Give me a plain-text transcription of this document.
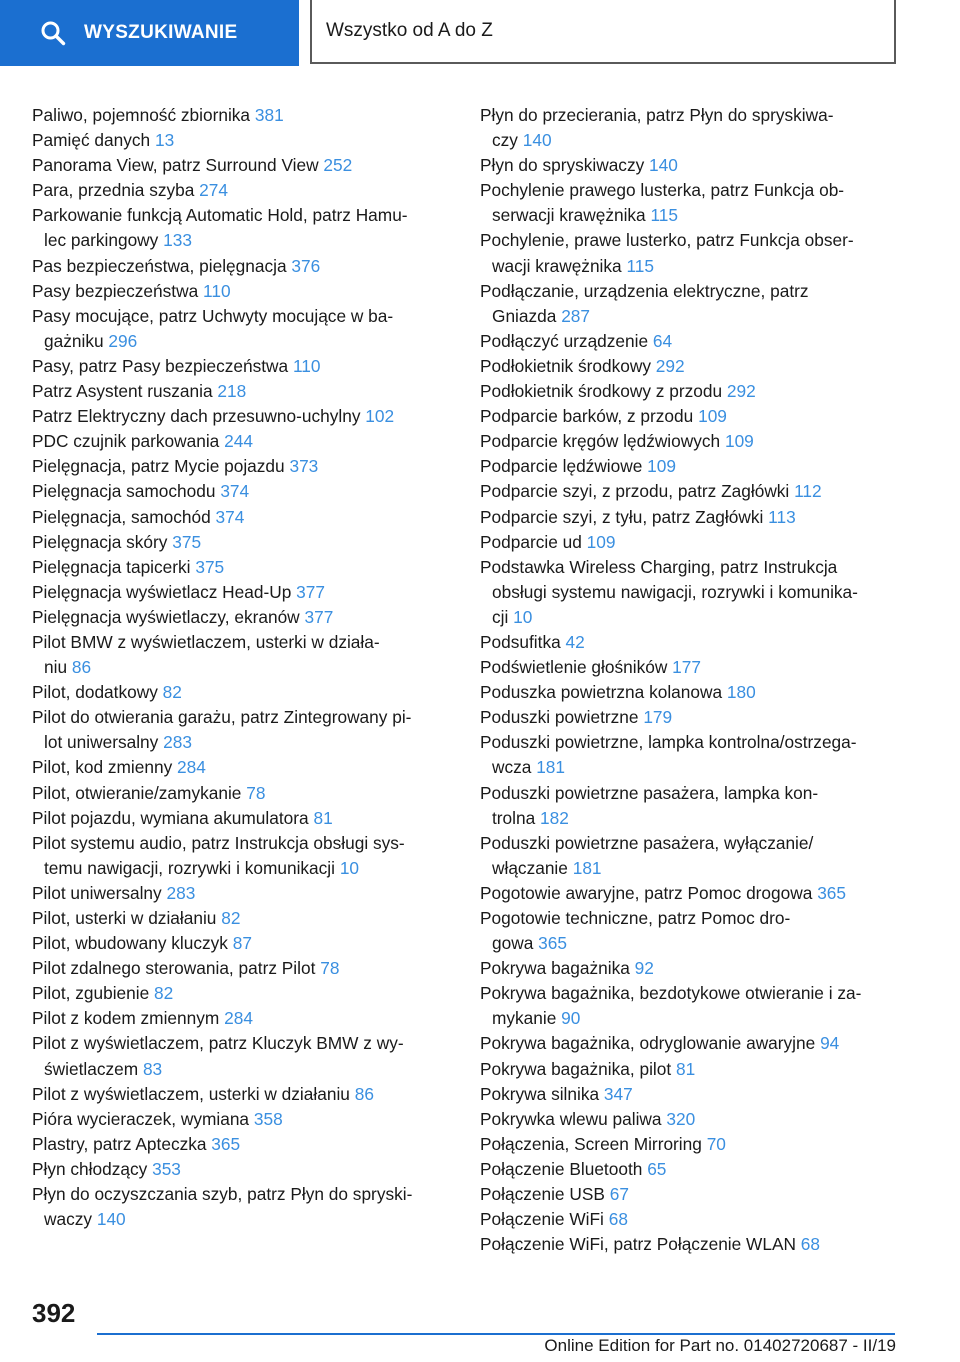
WYSZUKIWANIE	Wszystko od A do Z
Paliwo, pojemność zbiornika 381
Pamięć danych 13
Panorama View, patrz Surround View 252
Para, przednia szyba 274
Parkowanie funkcją Automatic Hold, patrz Hamu-
lec parkingowy 133
Pas bezpieczeństwa, pielęgnacja 376
Pasy bezpieczeństwa 110
Pasy mocujące, patrz Uchwyty mocujące w ba-
gażniku 296
Pasy, patrz Pasy bezpieczeństwa 110
Patrz Asystent ruszania 218
Patrz Elektryczny dach przesuwno-uchylny 102
PDC czujnik parkowania 244
Pielęgnacja, patrz Mycie pojazdu 373
Pielęgnacja samochodu 374
Pielęgnacja, samochód 374
Pielęgnacja skóry 375
Pielęgnacja tapicerki 375
Pielęgnacja wyświetlacz Head-Up 377
Pielęgnacja wyświetlaczy, ekranów 377
Pilot BMW z wyświetlaczem, usterki w działa-
niu 86
Pilot, dodatkowy 82
Pilot do otwierania garażu, patrz Zintegrowany pi-
lot uniwersalny 283
Pilot, kod zmienny 284
Pilot, otwieranie/zamykanie 78
Pilot pojazdu, wymiana akumulatora 81
Pilot systemu audio, patrz Instrukcja obsługi sys-
temu nawigacji, rozrywki i komunikacji 10
Pilot uniwersalny 283
Pilot, usterki w działaniu 82
Pilot, wbudowany kluczyk 87
Pilot zdalnego sterowania, patrz Pilot 78
Pilot, zgubienie 82
Pilot z kodem zmiennym 284
Pilot z wyświetlaczem, patrz Kluczyk BMW z wy-
świetlaczem 83
Pilot z wyświetlaczem, usterki w działaniu 86
Pióra wycieraczek, wymiana 358
Plastry, patrz Apteczka 365
Płyn chłodzący 353
Płyn do oczyszczania szyb, patrz Płyn do spryski-
waczy 140
Płyn do przecierania, patrz Płyn do spryskiwa-
czy 140
Płyn do spryskiwaczy 140
Pochylenie prawego lusterka, patrz Funkcja ob-
serwacji krawężnika 115
Pochylenie, prawe lusterko, patrz Funkcja obser-
wacji krawężnika 115
Podłączanie, urządzenia elektryczne, patrz
Gniazda 287
Podłączyć urządzenie 64
Podłokietnik środkowy 292
Podłokietnik środkowy z przodu 292
Podparcie barków, z przodu 109
Podparcie kręgów lędźwiowych 109
Podparcie lędźwiowe 109
Podparcie szyi, z przodu, patrz Zagłówki 112
Podparcie szyi, z tyłu, patrz Zagłówki 113
Podparcie ud 109
Podstawka Wireless Charging, patrz Instrukcja
obsługi systemu nawigacji, rozrywki i komunika-
cji 10
Podsufitka 42
Podświetlenie głośników 177
Poduszka powietrzna kolanowa 180
Poduszki powietrzne 179
Poduszki powietrzne, lampka kontrolna/ostrzega-
wcza 181
Poduszki powietrzne pasażera, lampka kon-
trolna 182
Poduszki powietrzne pasażera, wyłączanie/
włączanie 181
Pogotowie awaryjne, patrz Pomoc drogowa 365
Pogotowie techniczne, patrz Pomoc dro-
gowa 365
Pokrywa bagażnika 92
Pokrywa bagażnika, bezdotykowe otwieranie i za-
mykanie 90
Pokrywa bagażnika, odryglowanie awaryjne 94
Pokrywa bagażnika, pilot 81
Pokrywa silnika 347
Pokrywka wlewu paliwa 320
Połączenia, Screen Mirroring 70
Połączenie Bluetooth 65
Połączenie USB 67
Połączenie WiFi 68
Połączenie WiFi, patrz Połączenie WLAN 68
392
Online Edition for Part no. 01402720687 - II/19
